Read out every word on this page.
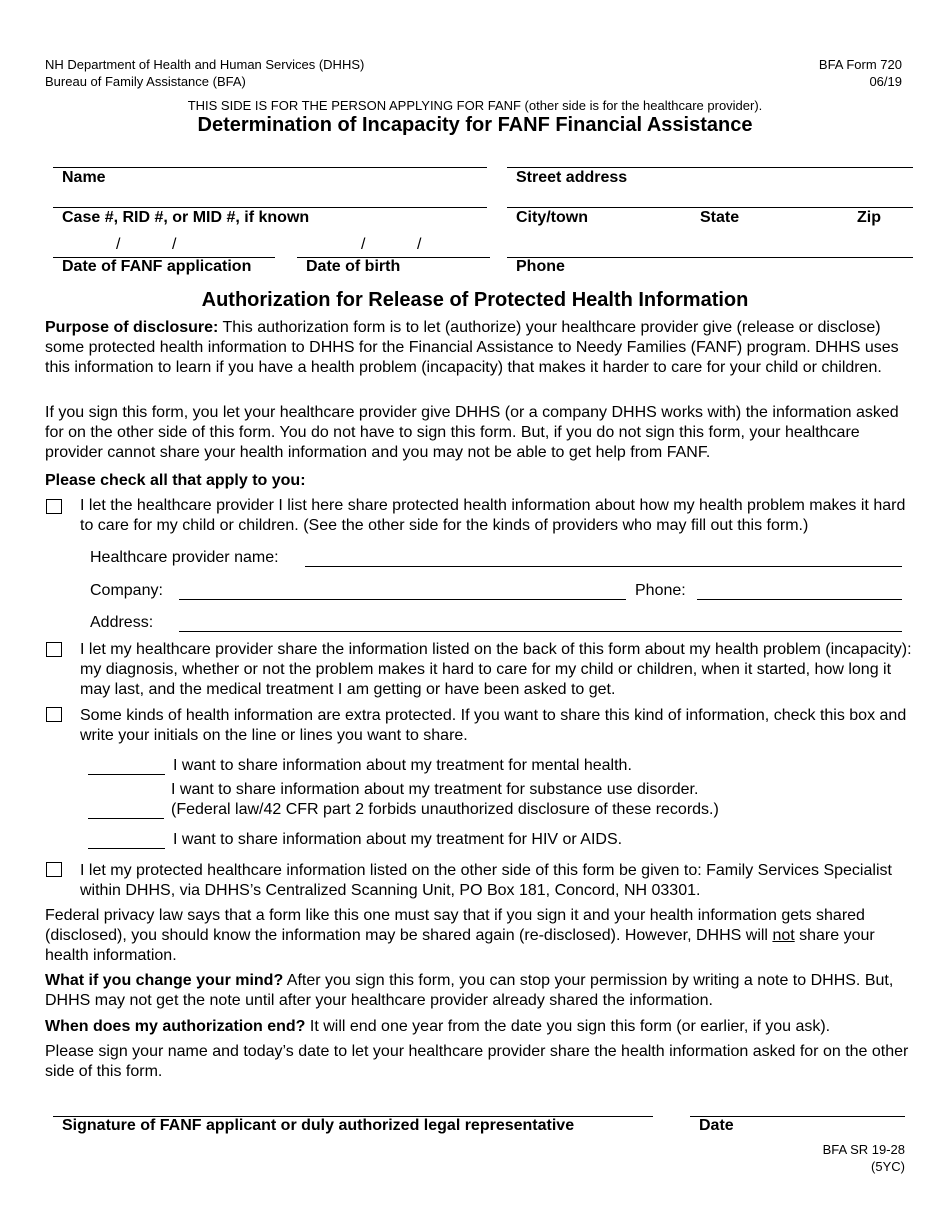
NH Department of Health and Human Services (DHHS)
Bureau of Family Assistance (BFA)
BFA Form 720
06/19
THIS SIDE IS FOR THE PERSON APPLYING FOR FANF (other side is for the healthcare provider).
Determination of Incapacity for FANF Financial Assistance
Name	Street address
Case #, RID #, or MID #, if known	City/town	State	Zip
/	/	/	/
Date of FANF application	Date of birth	Phone
Authorization for Release of Protected Health Information
Purpose of disclosure: This authorization form is to let (authorize) your healthcare provider give (release or disclose) some protected health information to DHHS for the Financial Assistance to Needy Families (FANF) program. DHHS uses this information to learn if you have a health problem (incapacity) that makes it harder to care for your child or children.
If you sign this form, you let your healthcare provider give DHHS (or a company DHHS works with) the information asked for on the other side of this form. You do not have to sign this form. But, if you do not sign this form, your healthcare provider cannot share your health information and you may not be able to get help from FANF.
Please check all that apply to you:
I let the healthcare provider I list here share protected health information about how my health problem makes it hard to care for my child or children. (See the other side for the kinds of providers who may fill out this form.)
Healthcare provider name:
Company:	Phone:
Address:
I let my healthcare provider share the information listed on the back of this form about my health problem (incapacity): my diagnosis, whether or not the problem makes it hard to care for my child or children, when it started, how long it may last, and the medical treatment I am getting or have been asked to get.
Some kinds of health information are extra protected. If you want to share this kind of information, check this box and write your initials on the line or lines you want to share.
I want to share information about my treatment for mental health.
I want to share information about my treatment for substance use disorder.
(Federal law/42 CFR part 2 forbids unauthorized disclosure of these records.)
I want to share information about my treatment for HIV or AIDS.
I let my protected healthcare information listed on the other side of this form be given to: Family Services Specialist within DHHS, via DHHS’s Centralized Scanning Unit, PO Box 181, Concord, NH 03301.
Federal privacy law says that a form like this one must say that if you sign it and your health information gets shared (disclosed), you should know the information may be shared again (re-disclosed). However, DHHS will not share your health information.
What if you change your mind? After you sign this form, you can stop your permission by writing a note to DHHS. But, DHHS may not get the note until after your healthcare provider already shared the information.
When does my authorization end? It will end one year from the date you sign this form (or earlier, if you ask).
Please sign your name and today’s date to let your healthcare provider share the health information asked for on the other side of this form.
Signature of FANF applicant or duly authorized legal representative	Date
BFA SR 19-28
(5YC)
